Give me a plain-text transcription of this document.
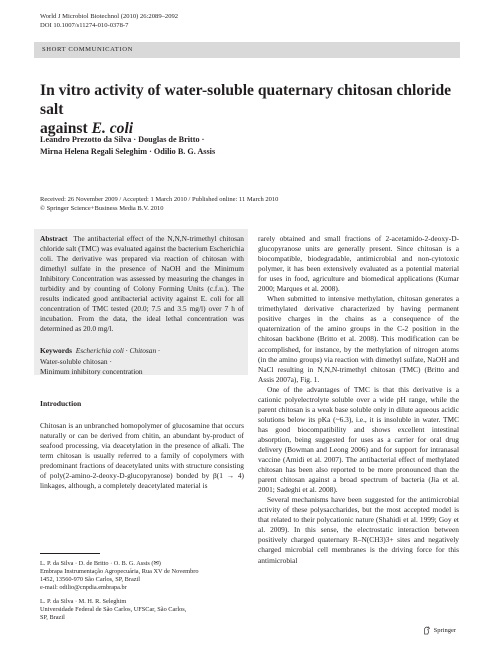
World J Microbiol Biotechnol (2010) 26:2089–2092
DOI 10.1007/s11274-010-0378-7
SHORT COMMUNICATION
In vitro activity of water-soluble quaternary chitosan chloride salt
against E. coli
Leandro Prezotto da Silva · Douglas de Britto ·
Mirna Helena Regali Seleghim · Odilio B. G. Assis
Received: 26 November 2009 / Accepted: 1 March 2010 / Published online: 11 March 2010
© Springer Science+Business Media B.V. 2010

Abstract The antibacterial effect of the N,N,N-trimethyl chitosan chloride salt (TMC) was evaluated against the bacterium Escherichia coli. The derivative was prepared via reaction of chitosan with dimethyl sulfate in the presence of NaOH and the Minimum Inhibitory Concentration was assessed by measuring the changes in turbidity and by counting of Colony Forming Units (c.f.u.). The results indicated good antibacterial activity against E. coli for all concentration of TMC tested (20.0; 7.5 and 3.5 mg/l) over 7 h of incubation. From the data, the ideal lethal concentration was determined as 20.0 mg/l.

Keywords Escherichia coli · Chitosan ·
Water-soluble chitosan ·
Minimum inhibitory concentration
Introduction

Chitosan is an unbranched homopolymer of glucosamine that occurs naturally or can be derived from chitin, an abundant by-product of seafood processing, via deacetylation in the presence of alkali. The term chitosan is usually referred to a family of copolymers with predominant fractions of deacetylated units with structure consisting of poly(2-amino-2-deoxy-D-glucopyranose) bonded by β(1 → 4) linkages, although, a completely deacetylated material is

L. P. da Silva · D. de Britto · O. B. G. Assis (✉)
Embrapa Instrumentação Agropecuária, Rua XV de Novembro
1452, 13560-970 São Carlos, SP, Brazil
e-mail: odilio@cnpdia.embrapa.br
L. P. da Silva · M. H. R. Seleghim
Universidade Federal de São Carlos, UFSCar, São Carlos,
SP, Brazil

rarely obtained and small fractions of 2-acetamido-2-deoxy-D-glucopyranose units are generally present. Since chitosan is a biocompatible, biodegradable, antimicrobial and non-cytotoxic polymer, it has been extensively evaluated as a potential material for uses in food, agriculture and biomedical applications (Kumar 2000; Marques et al. 2008).

When submitted to intensive methylation, chitosan generates a trimethylated derivative characterized by having permanent positive charges in the chains as a consequence of the quaternization of the amino groups in the C-2 position in the chitosan backbone (Britto et al. 2008). This modification can be accomplished, for instance, by the methylation of nitrogen atoms (in the amino groups) via reaction with dimethyl sulfate, NaOH and NaCl resulting in N,N,N-trimethyl chitosan (TMC) (Britto and Assis 2007a), Fig. 1.

One of the advantages of TMC is that this derivative is a cationic polyelectrolyte soluble over a wide pH range, while the parent chitosan is a weak base soluble only in dilute aqueous acidic solutions below its pKa (~6.3), i.e., it is insoluble in water. TMC has good biocompatibility and shows excellent intestinal absorption, being suggested for uses as a carrier for oral drug delivery (Bowman and Leong 2006) and for support for intranasal vaccine (Amidi et al. 2007). The antibacterial effect of methylated chitosan has been also reported to be more pronounced than the parent chitosan against a broad spectrum of bacteria (Jia et al. 2001; Sadeghi et al. 2008).

Several mechanisms have been suggested for the antimicrobial activity of these polysaccharides, but the most accepted model is that related to their polycationic nature (Shahidi et al. 1999; Goy et al. 2009). In this sense, the electrostatic interaction between positively charged quaternary R–N(CH3)3+ sites and negatively charged microbial cell membranes is the driving force for this antimicrobial

Springer
